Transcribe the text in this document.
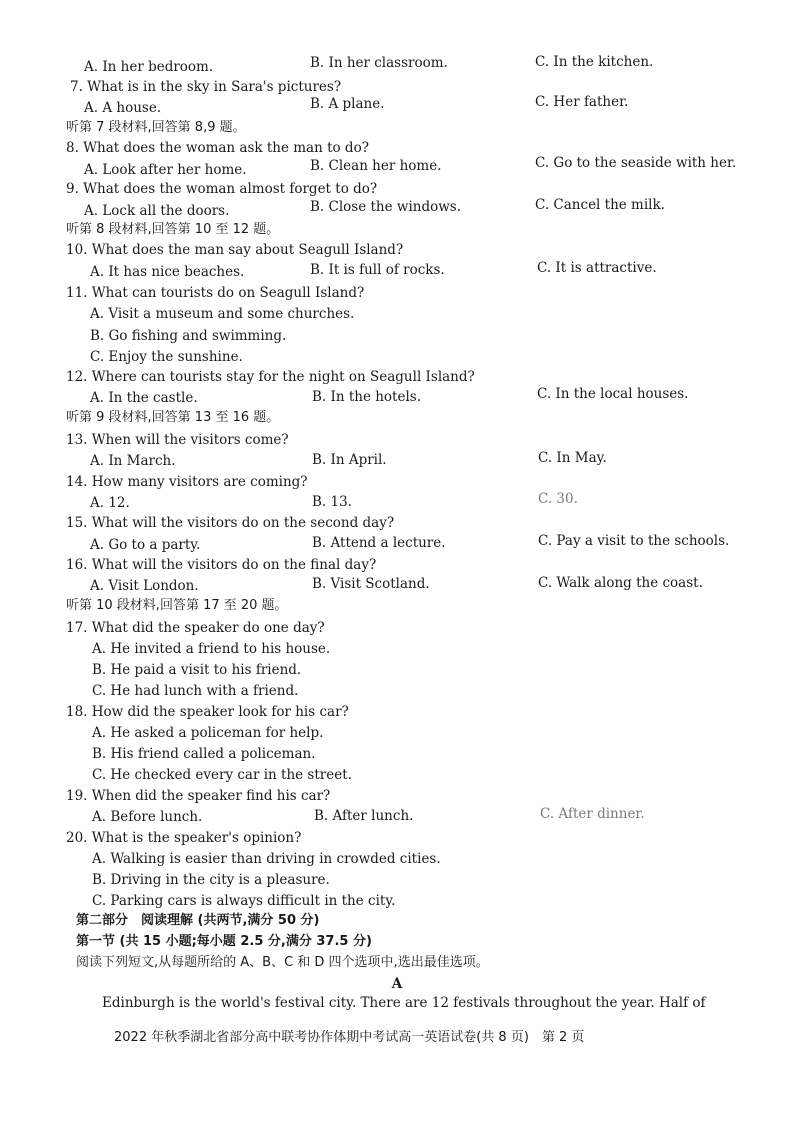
A. In her bedroom.	B. In her classroom.	C. In the kitchen.
7. What is in the sky in Sara's pictures?
A. A house.	B. A plane.	C. Her father.
听第 7 段材料,回答第 8,9 题。
8. What does the woman ask the man to do?
A. Look after her home.	B. Clean her home.	C. Go to the seaside with her.
9. What does the woman almost forget to do?
A. Lock all the doors.	B. Close the windows.	C. Cancel the milk.
听第 8 段材料,回答第 10 至 12 题。
10. What does the man say about Seagull Island?
A. It has nice beaches.	B. It is full of rocks.	C. It is attractive.
11. What can tourists do on Seagull Island?
A. Visit a museum and some churches.
B. Go fishing and swimming.
C. Enjoy the sunshine.
12. Where can tourists stay for the night on Seagull Island?
A. In the castle.	B. In the hotels.	C. In the local houses.
听第 9 段材料,回答第 13 至 16 题。
13. When will the visitors come?
A. In March.	B. In April.	C. In May.
14. How many visitors are coming?
A. 12.	B. 13.	C. 30.
15. What will the visitors do on the second day?
A. Go to a party.	B. Attend a lecture.	C. Pay a visit to the schools.
16. What will the visitors do on the final day?
A. Visit London.	B. Visit Scotland.	C. Walk along the coast.
听第 10 段材料,回答第 17 至 20 题。
17. What did the speaker do one day?
A. He invited a friend to his house.
B. He paid a visit to his friend.
C. He had lunch with a friend.
18. How did the speaker look for his car?
A. He asked a policeman for help.
B. His friend called a policeman.
C. He checked every car in the street.
19. When did the speaker find his car?
A. Before lunch.	B. After lunch.	C. After dinner.
20. What is the speaker's opinion?
A. Walking is easier than driving in crowded cities.
B. Driving in the city is a pleasure.
C. Parking cars is always difficult in the city.
第二部分　阅读理解 (共两节,满分 50 分)
第一节 (共 15 小题;每小题 2.5 分,满分 37.5 分)
阅读下列短文,从每题所给的 A、B、C 和 D 四个选项中,选出最佳选项。
A
Edinburgh is the world's festival city. There are 12 festivals throughout the year. Half of
2022 年秋季湖北省部分高中联考协作体期中考试高一英语试卷(共 8 页)　第 2 页
